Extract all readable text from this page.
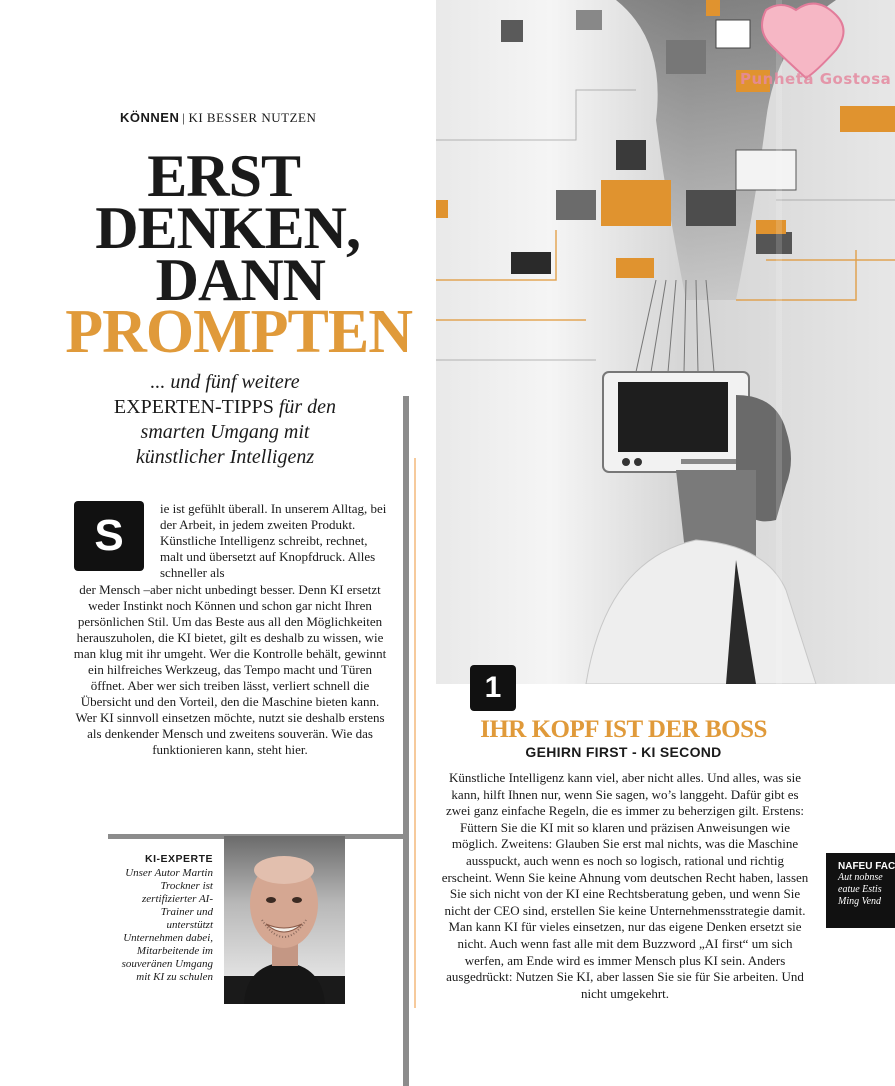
KÖNNEN | KI BESSER NUTZEN
ERST
DENKEN,
DANN
PROMPTEN
... und fünf weitere
EXPERTEN-TIPPS für den smarten Umgang mit künstlicher Intelligenz
S
ie ist gefühlt überall. In unserem Alltag, bei der Arbeit, in jedem zweiten Produkt. Künstliche Intelligenz schreibt, rechnet, malt und übersetzt auf Knopfdruck. Alles schneller als
der Mensch –aber nicht unbedingt besser. Denn KI ersetzt weder Instinkt noch Können und schon gar nicht Ihren persönlichen Stil. Um das Beste aus all den Möglichkeiten herauszuholen, die KI bietet, gilt es deshalb zu wissen, wie man klug mit ihr umgeht. Wer die Kontrolle behält, gewinnt ein hilfreiches Werkzeug, das Tempo macht und Türen öffnet. Aber wer sich treiben lässt, verliert schnell die Übersicht und den Vorteil, den die Maschine bieten kann. Wer KI sinnvoll einsetzen möchte, nutzt sie deshalb erstens als denkender Mensch und zweitens souverän. Wie das funktionieren kann, steht hier.
KI-EXPERTE
Unser Autor Martin Trockner ist zertifizierter AI-Trainer und unterstützt Unternehmen dabei, Mitarbeitende im souveränen Umgang mit KI zu schulen
Punheta Gostosa
1
IHR KOPF IST DER BOSS
GEHIRN FIRST - KI SECOND
Künstliche Intelligenz kann viel, aber nicht alles. Und alles, was sie kann, hilft Ihnen nur, wenn Sie sagen, wo’s langgeht. Dafür gibt es zwei ganz einfache Regeln, die es immer zu beherzigen gilt. Erstens: Füttern Sie die KI mit so klaren und präzisen Anweisungen wie möglich. Zweitens: Glauben Sie erst mal nichts, was die Maschine ausspuckt, auch wenn es noch so logisch, rational und richtig erscheint. Wenn Sie keine Ahnung vom deutschen Recht haben, lassen Sie sich nicht von der KI eine Rechtsberatung geben, und wenn Sie nicht der CEO sind, erstellen Sie keine Unternehmensstrategie damit. Man kann KI für vieles einsetzen, nur das eigene Denken ersetzt sie nicht. Auch wenn fast alle mit dem Buzzword „AI first“ um sich werfen, am Ende wird es immer Mensch plus KI sein. Anders ausgedrückt: Nutzen Sie KI, aber lassen Sie sie für Sie arbeiten. Und nicht umgekehrt.
NAFEU FAC
Aut nobnse
eatue Estis
Ming Vend
